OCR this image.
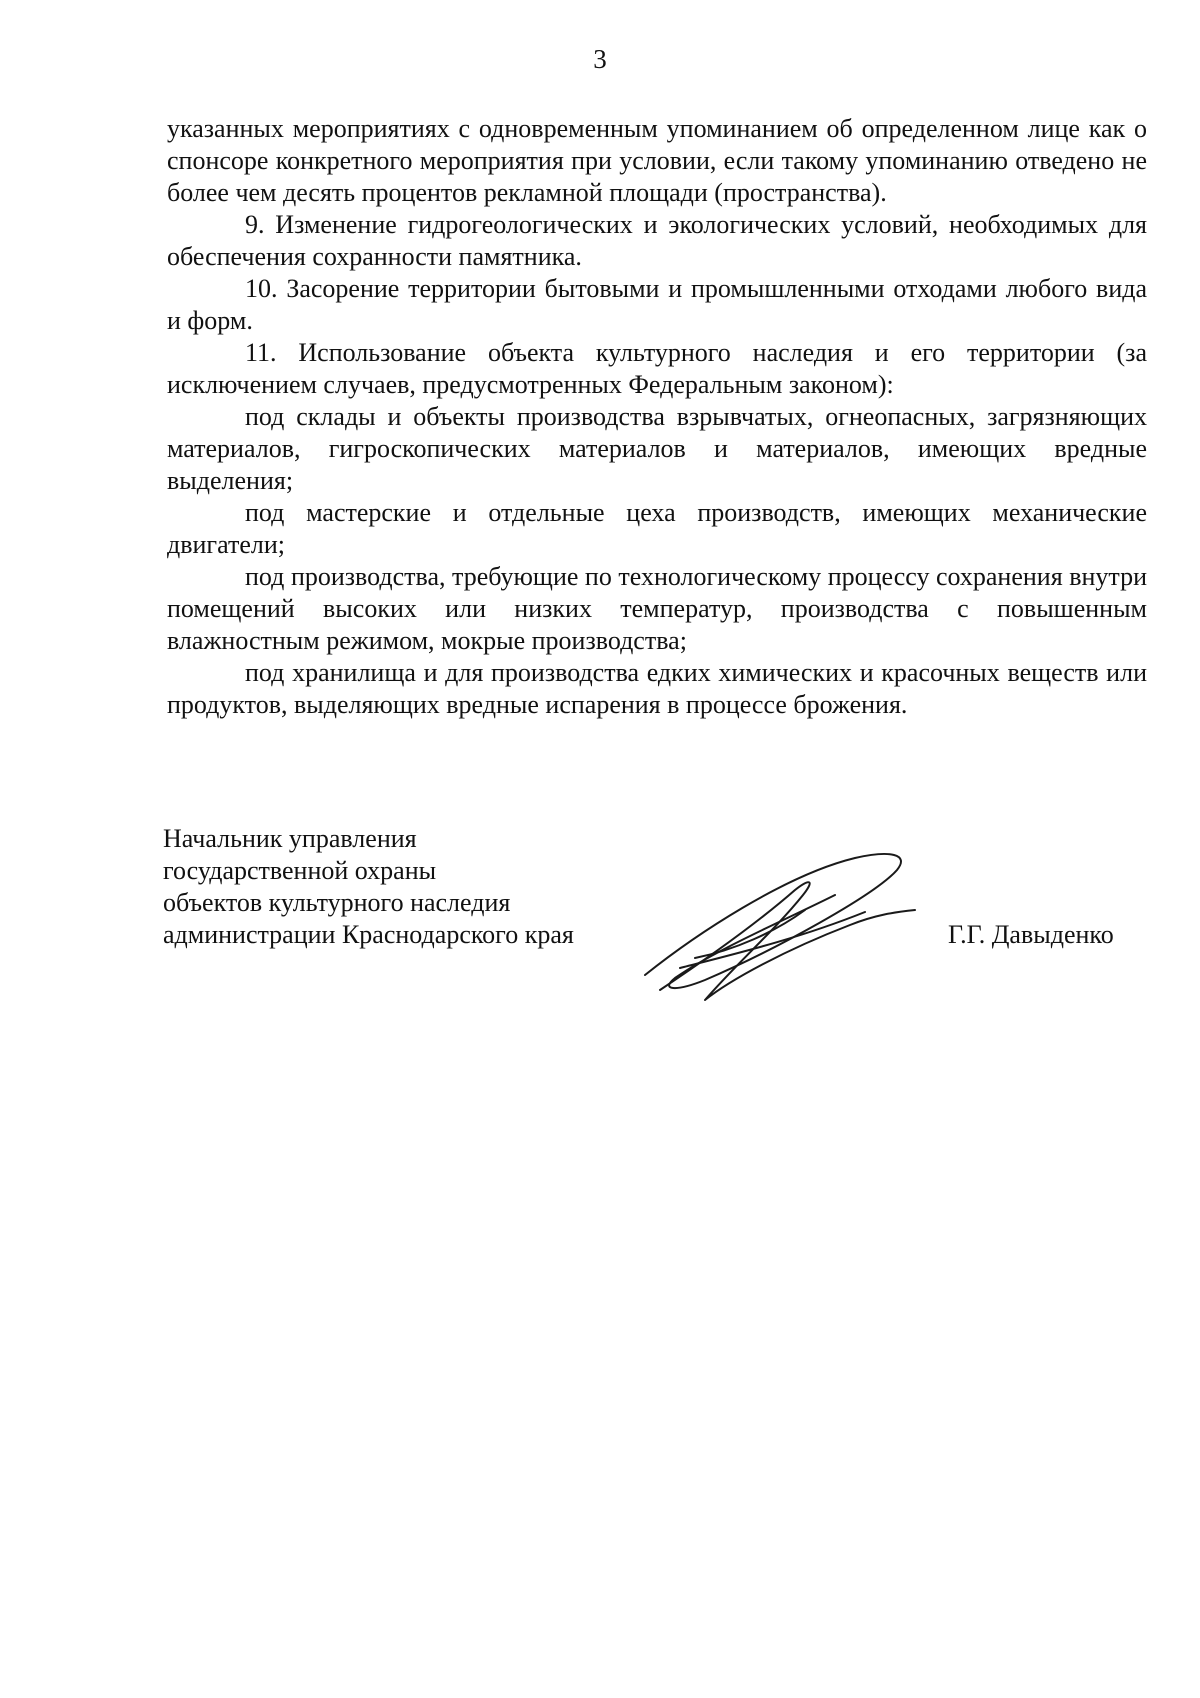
3

указанных мероприятиях с одновременным упоминанием об определенном лице как о спонсоре конкретного мероприятия при условии, если такому упоминанию отведено не более чем десять процентов рекламной площади (пространства).

9. Изменение гидрогеологических и экологических условий, необходимых для обеспечения сохранности памятника.

10. Засорение территории бытовыми и промышленными отходами любого вида и форм.

11. Использование объекта культурного наследия и его территории (за исключением случаев, предусмотренных Федеральным законом):

под склады и объекты производства взрывчатых, огнеопасных, загрязняющих материалов, гигроскопических материалов и материалов, имеющих вредные выделения;

под мастерские и отдельные цеха производств, имеющих механические двигатели;

под производства, требующие по технологическому процессу сохранения внутри помещений высоких или низких температур, производства с повышенным влажностным режимом, мокрые производства;

под хранилища и для производства едких химических и красочных веществ или продуктов, выделяющих вредные испарения в процессе брожения.

Начальник управления
государственной охраны
объектов культурного наследия
администрации Краснодарского края	Г.Г. Давыденко
